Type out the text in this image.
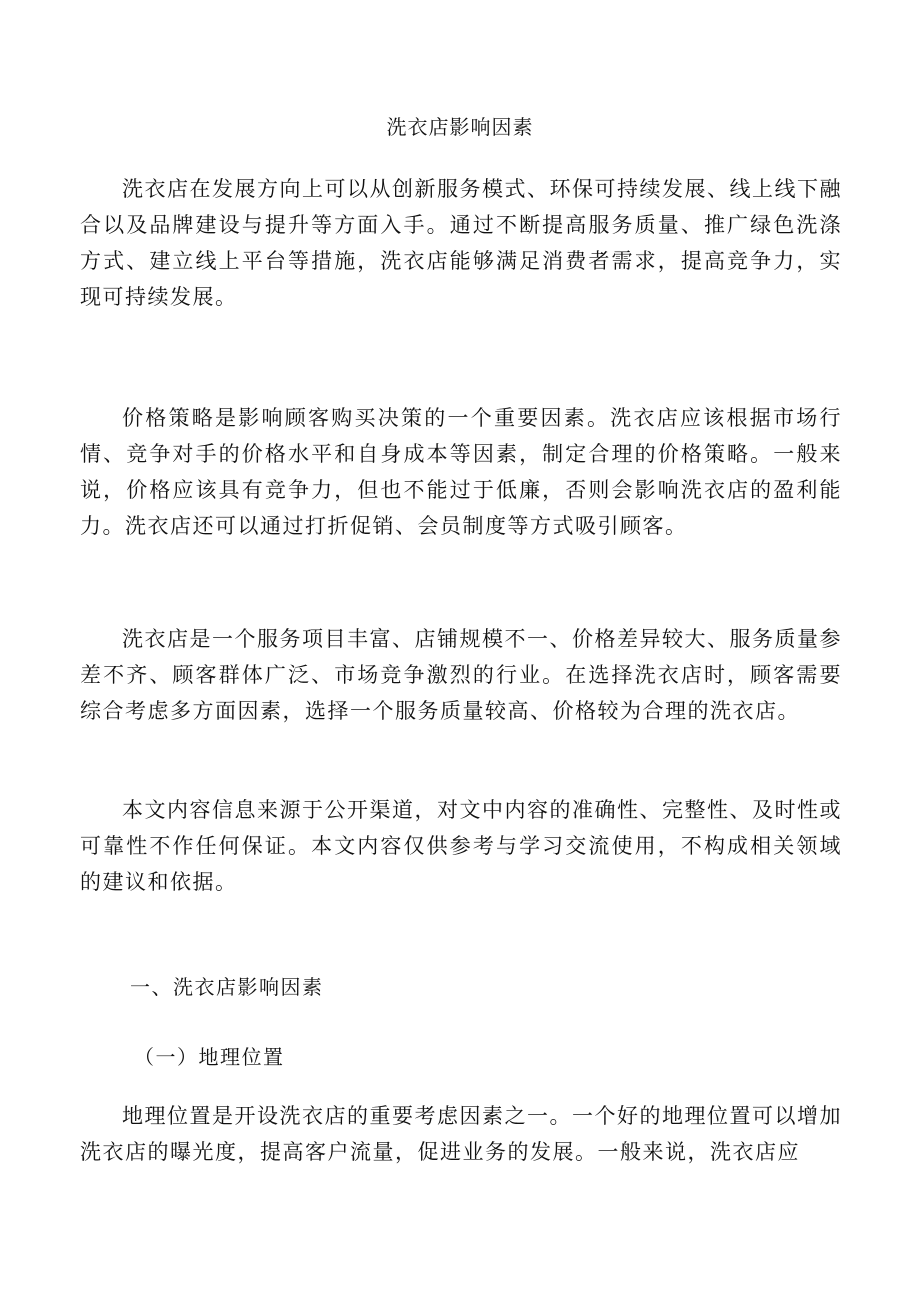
洗衣店影响因素

洗衣店在发展方向上可以从创新服务模式、环保可持续发展、线上线下融合以及品牌建设与提升等方面入手。通过不断提高服务质量、推广绿色洗涤方式、建立线上平台等措施，洗衣店能够满足消费者需求，提高竞争力，实现可持续发展。

价格策略是影响顾客购买决策的一个重要因素。洗衣店应该根据市场行情、竞争对手的价格水平和自身成本等因素，制定合理的价格策略。一般来说，价格应该具有竞争力，但也不能过于低廉，否则会影响洗衣店的盈利能力。洗衣店还可以通过打折促销、会员制度等方式吸引顾客。

洗衣店是一个服务项目丰富、店铺规模不一、价格差异较大、服务质量参差不齐、顾客群体广泛、市场竞争激烈的行业。在选择洗衣店时，顾客需要综合考虑多方面因素，选择一个服务质量较高、价格较为合理的洗衣店。

本文内容信息来源于公开渠道，对文中内容的准确性、完整性、及时性或可靠性不作任何保证。本文内容仅供参考与学习交流使用，不构成相关领域的建议和依据。

一、洗衣店影响因素
（一）地理位置

地理位置是开设洗衣店的重要考虑因素之一。一个好的地理位置可以增加洗衣店的曝光度，提高客户流量，促进业务的发展。一般来说，洗衣店应
